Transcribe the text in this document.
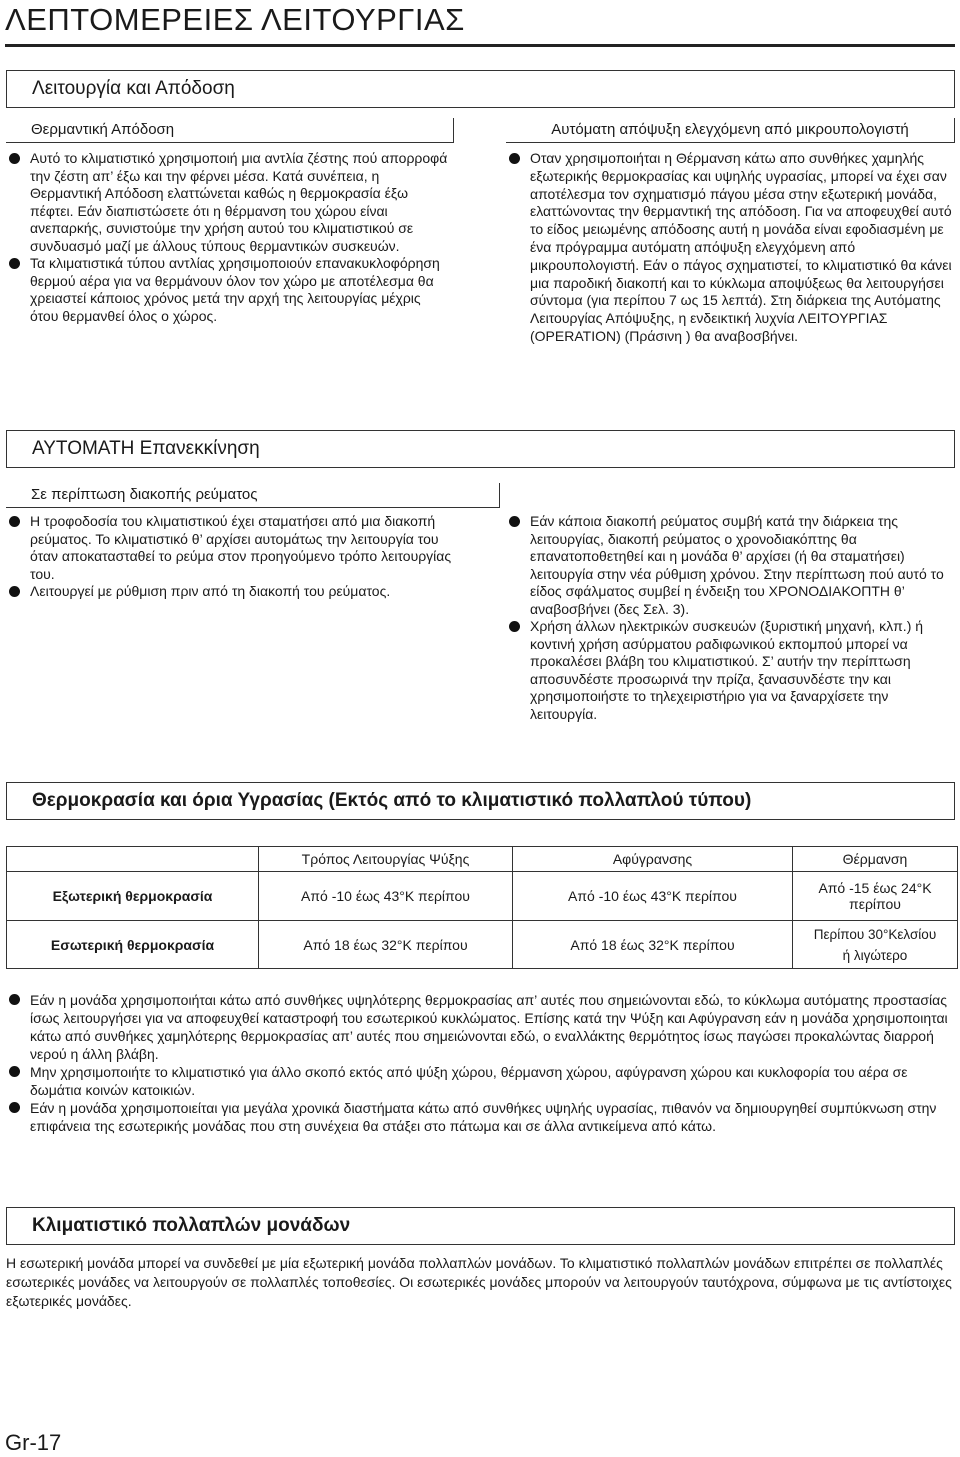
ΛΕΠΤΟΜΕΡΕΙΕΣ ΛΕΙΤΟΥΡΓΙΑΣ
Λειτουργία και Απόδοση
Θερμαντική Απόδοση
Αυτό το κλιματιστικό χρησιμοποιή μια αντλία ζέστης πού απορροφά την ζέστη απ’ έξω και την φέρνει μέσα. Κατά συνέπεια, η Θερμαντική Απόδοση ελαττώνεται καθώς η θερμοκρασία έξω πέφτει. Εάν διαπιστώσετε ότι η θέρμανση του χώρου είναι ανεπαρκής, συνιστούμε την χρήση αυτού του κλιματιστικού σε συνδυασμό μαζί με άλλους τύπους θερμαντικών συσκευών.
Τα κλιματιστικά τύπου αντλίας χρησιμοποιούν επανακυκλοφόρηση θερμού αέρα για να θερμάνουν όλον τον χώρο με αποτέλεσμα θα χρειαστεί κάποιος χρόνος μετά την αρχή της λειτουργίας μέχρις ότου θερμανθεί όλος ο χώρος.
Αυτόματη απόψυξη ελεγχόμενη από μικρουπολογιστή
Οταν χρησιμοποιήται η Θέρμανση κάτω απο συνθήκες χαμηλής εξωτερικής θερμοκρασίας και υψηλής υγρασίας, μπορεί να έχει σαν αποτέλεσμα τον σχηματισμό πάγου μέσα στην εξωτερική μονάδα, ελαττώνοντας την θερμαντική της απόδοση. Για να αποφευχθεί αυτό το είδος μειωμένης απόδοσης αυτή η μονάδα είναι εφοδιασμένη με ένα πρόγραμμα αυτόματη απόψυξη ελεγχόμενη από μικρουπολογιστή. Εάν ο πάγος σχηματιστεί, το κλιματιστικό θα κάνει μια παροδική διακοπή και το κύκλωμα αποψύξεως θα λειτουργήσει σύντομα (για περίπου 7 ως 15 λεπτά). Στη διάρκεια της Αυτόματης Λειτουργίας Απόψυξης, η ενδεικτική λυχνία ΛΕΙΤΟΥΡΓΙΑΣ (OPERATION) (Πράσινη ) θα αναβοσβήνει.
ΑΥΤΟΜΑΤΗ Επανεκκίνηση
Σε περίπτωση διακοπής ρεύματος
Η τροφοδοσία του κλιματιστικού έχει σταματήσει από μια διακοπή ρεύματος. Το κλιματιστικό θ’ αρχίσει αυτομάτως την λειτουργία του όταν αποκατασταθεί το ρεύμα στον προηγούμενο τρόπο λειτουργίας του.
Λειτουργεί με ρύθμιση πριν από τη διακοπή του ρεύματος.
Εάν κάποια διακοπή ρεύματος συμβή κατά την διάρκεια της λειτουργίας, διακοπή ρεύματος ο χρονοδιακόπτης θα επανατοποθετηθεί και η μονάδα θ’ αρχίσει (ή θα σταματήσει) λειτουργία στην νέα ρύθμιση χρόνου. Στην περίπτωση πού αυτό το είδος σφάλματος συμβεί η ένδειξη του ΧΡΟΝΟΔΙΑΚΟΠΤΗ θ’ αναβοσβήνει (δες Σελ. 3).
Χρήση άλλων ηλεκτρικών συσκευών (ξυριστική μηχανή, κλπ.) ή κοντινή χρήση ασύρματου ραδιφωνικού εκπομπού μπορεί να προκαλέσει βλάβη του κλιματιστικού. Σ’ αυτήν την περίπτωση αποσυνδέστε προσωρινά την πρίζα, ξανασυνδέστε την και χρησιμοποιήστε το τηλεχειριστήριο για να ξαναρχίσετε την λειτουργία.
Θερμοκρασία και όρια Υγρασίας (Εκτός από το κλιματιστικό πολλαπλού τύπου)
	Τρόπος Λειτουργίας Ψύξης	Αφύγρανσης	Θέρμανση
Εξωτερική θερμοκρασία	Από -10 έως 43°K περίπου	Από -10 έως 43°K περίπου	Από -15 έως 24°K
περίπου

Εσωτερική θερμοκρασία	Από 18 έως 32°K περίπου	Από 18 έως 32°K περίπου	Περίπου 30°Κελσίου
ή λιγώτερο
Εάν η μονάδα χρησιμοποιήται κάτω από συνθήκες υψηλότερης θερμοκρασίας απ’ αυτές που σημειώνονται εδώ, το κύκλωμα αυτόματης προστασίας ίσως λειτουργήσει για να αποφευχθεί καταστροφή του εσωτερικού κυκλώματος. Επίσης κατά την Ψύξη και Αφύγρανση εάν η μονάδα χρησιμοποιηται κάτω από συνθήκες χαμηλότερης θερμοκρασίας απ’ αυτές που σημειώνονται εδώ, ο εναλλάκτης θερμότητος ίσως παγώσει προκαλώντας διαρροή νερού η άλλη βλάβη.
Μην χρησιμοποιήτε το κλιματιστικό για άλλο σκοπό εκτός από ψύξη χώρου, θέρμανση χώρου, αφύγρανση χώρου και κυκλοφορία του αέρα σε δωμάτια κοινών κατοικιών.
Εάν η μονάδα χρησιμοποιείται για μεγάλα χρονικά διαστήματα κάτω από συνθήκες υψηλής υγρασίας, πιθανόν να δημιουργηθεί συμπύκνωση στην επιφάνεια της εσωτερικής μονάδας που στη συνέχεια θα στάξει στο πάτωμα και σε άλλα αντικείμενα από κάτω.
Κλιματιστικό πολλαπλών μονάδων

Η εσωτερική μονάδα μπορεί να συνδεθεί με μία εξωτερική μονάδα πολλαπλών μονάδων. Το κλιματιστικό πολλαπλών μονάδων επιτρέπει σε πολλαπλές εσωτερικές μονάδες να λειτουργούν σε πολλαπλές τοποθεσίες. Οι εσωτερικές μονάδες μπορούν να λειτουργούν ταυτόχρονα, σύμφωνα με τις αντίστοιχες εξωτερικές μονάδες.

Gr-17
